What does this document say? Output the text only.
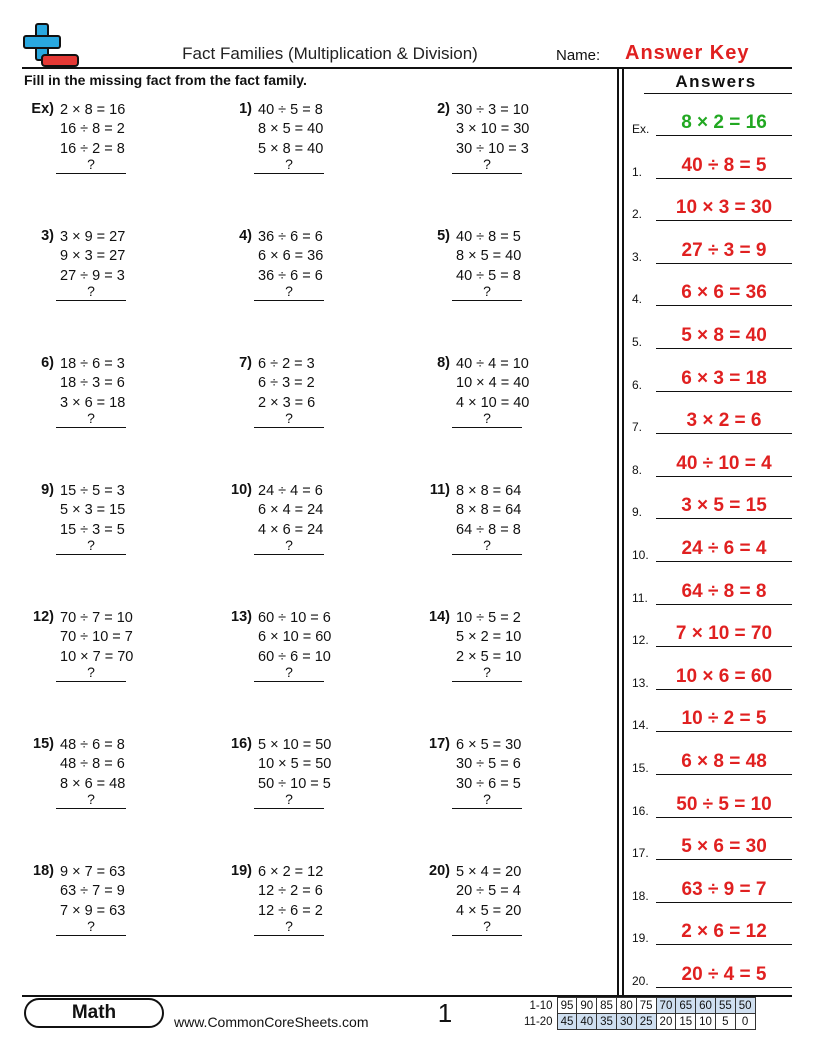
Fact Families (Multiplication & Division)	Name: Answer Key
Fill in the missing fact from the fact family.	Answers
Ex) 2 × 8 = 16
16 ÷ 8 = 2
16 ÷ 2 = 8
?
1) 40 ÷ 5 = 8
8 × 5 = 40
5 × 8 = 40
?
2) 30 ÷ 3 = 10
3 × 10 = 30
30 ÷ 10 = 3
?
3) 3 × 9 = 27
9 × 3 = 27
27 ÷ 9 = 3
?
4) 36 ÷ 6 = 6
6 × 6 = 36
36 ÷ 6 = 6
?
5) 40 ÷ 8 = 5
8 × 5 = 40
40 ÷ 5 = 8
?
6) 18 ÷ 6 = 3
18 ÷ 3 = 6
3 × 6 = 18
?
7) 6 ÷ 2 = 3
6 ÷ 3 = 2
2 × 3 = 6
?
8) 40 ÷ 4 = 10
10 × 4 = 40
4 × 10 = 40
?
9) 15 ÷ 5 = 3
5 × 3 = 15
15 ÷ 3 = 5
?
10) 24 ÷ 4 = 6
6 × 4 = 24
4 × 6 = 24
?
11) 8 × 8 = 64
8 × 8 = 64
64 ÷ 8 = 8
?
12) 70 ÷ 7 = 10
70 ÷ 10 = 7
10 × 7 = 70
?
13) 60 ÷ 10 = 6
6 × 10 = 60
60 ÷ 6 = 10
?
14) 10 ÷ 5 = 2
5 × 2 = 10
2 × 5 = 10
?
15) 48 ÷ 6 = 8
48 ÷ 8 = 6
8 × 6 = 48
?
16) 5 × 10 = 50
10 × 5 = 50
50 ÷ 10 = 5
?
17) 6 × 5 = 30
30 ÷ 5 = 6
30 ÷ 6 = 5
?
18) 9 × 7 = 63
63 ÷ 7 = 9
7 × 9 = 63
?
19) 6 × 2 = 12
12 ÷ 2 = 6
12 ÷ 6 = 2
?
20) 5 × 4 = 20
20 ÷ 5 = 4
4 × 5 = 20
?
Ex.	8 × 2 = 16
1.	40 ÷ 8 = 5
2.	10 × 3 = 30
3.	27 ÷ 3 = 9
4.	6 × 6 = 36
5.	5 × 8 = 40
6.	6 × 3 = 18
7.	3 × 2 = 6
8.	40 ÷ 10 = 4
9.	3 × 5 = 15
10.	24 ÷ 6 = 4
11.	64 ÷ 8 = 8
12.	7 × 10 = 70
13.	10 × 6 = 60
14.	10 ÷ 2 = 5
15.	6 × 8 = 48
16.	50 ÷ 5 = 10
17.	5 × 6 = 30
18.	63 ÷ 9 = 7
19.	2 × 6 = 12
20.	20 ÷ 4 = 5
Math	www.CommonCoreSheets.com	1	1-10	95	90	85	80	75	70	65	60	55	50
11-20	45	40	35	30	25	20	15	10	5	0
